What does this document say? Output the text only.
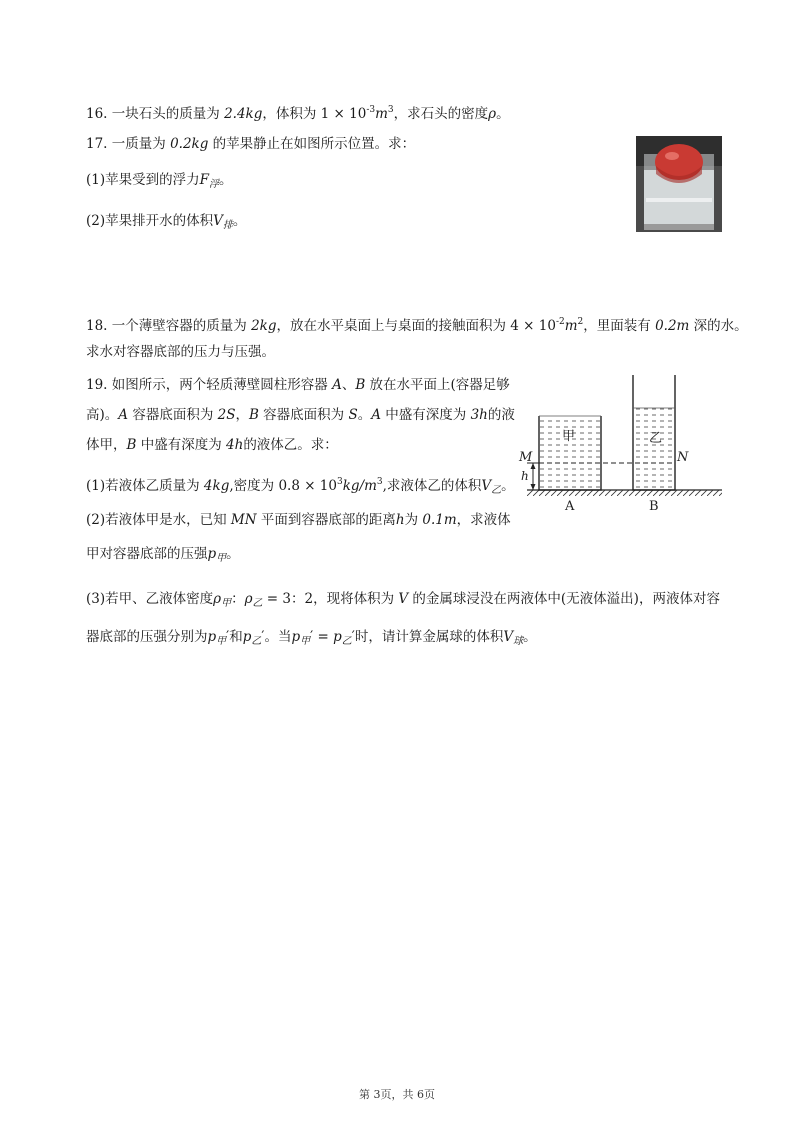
16. 一块石头的质量为 2.4kg，体积为 $1 \times 10^{-3}m^3$，求石头的密度ρ。
17. 一质量为 0.2kg 的苹果静止在如图所示位置。求：
(1)苹果受到的浮力$F_浮$。
(2)苹果排开水的体积$V_排$。
18. 一个薄壁容器的质量为 2kg，放在水平桌面上与桌面的接触面积为 $4 \times 10^{-2}m^2$，里面装有 0.2m 深的水。
求水对容器底部的压力与压强。
19. 如图所示，两个轻质薄壁圆柱形容器 A、B 放在水平面上(容器足够
高)。A 容器底面积为 2S，B 容器底面积为 S。A 中盛有深度为 3h的液
体甲，B 中盛有深度为 4h的液体乙。求：
(1)若液体乙质量为 4kg,密度为 $0.8 \times 10^3kg/m^3$,求液体乙的体积$V_乙$。
(2)若液体甲是水，已知 MN 平面到容器底部的距离h为 0.1m，求液体
甲对容器底部的压强$p_甲$。
(3)若甲、乙液体密度$\rho_甲$：$\rho_乙 = 3$：2，现将体积为 V 的金属球浸没在两液体中(无液体溢出)，两液体对容
器底部的压强分别为$p_甲'$和$p_乙'$。当$p_甲' = p_乙'$时，请计算金属球的体积$V_球$。
甲	乙
M	N
h
A	B
第 3页，共 6页
